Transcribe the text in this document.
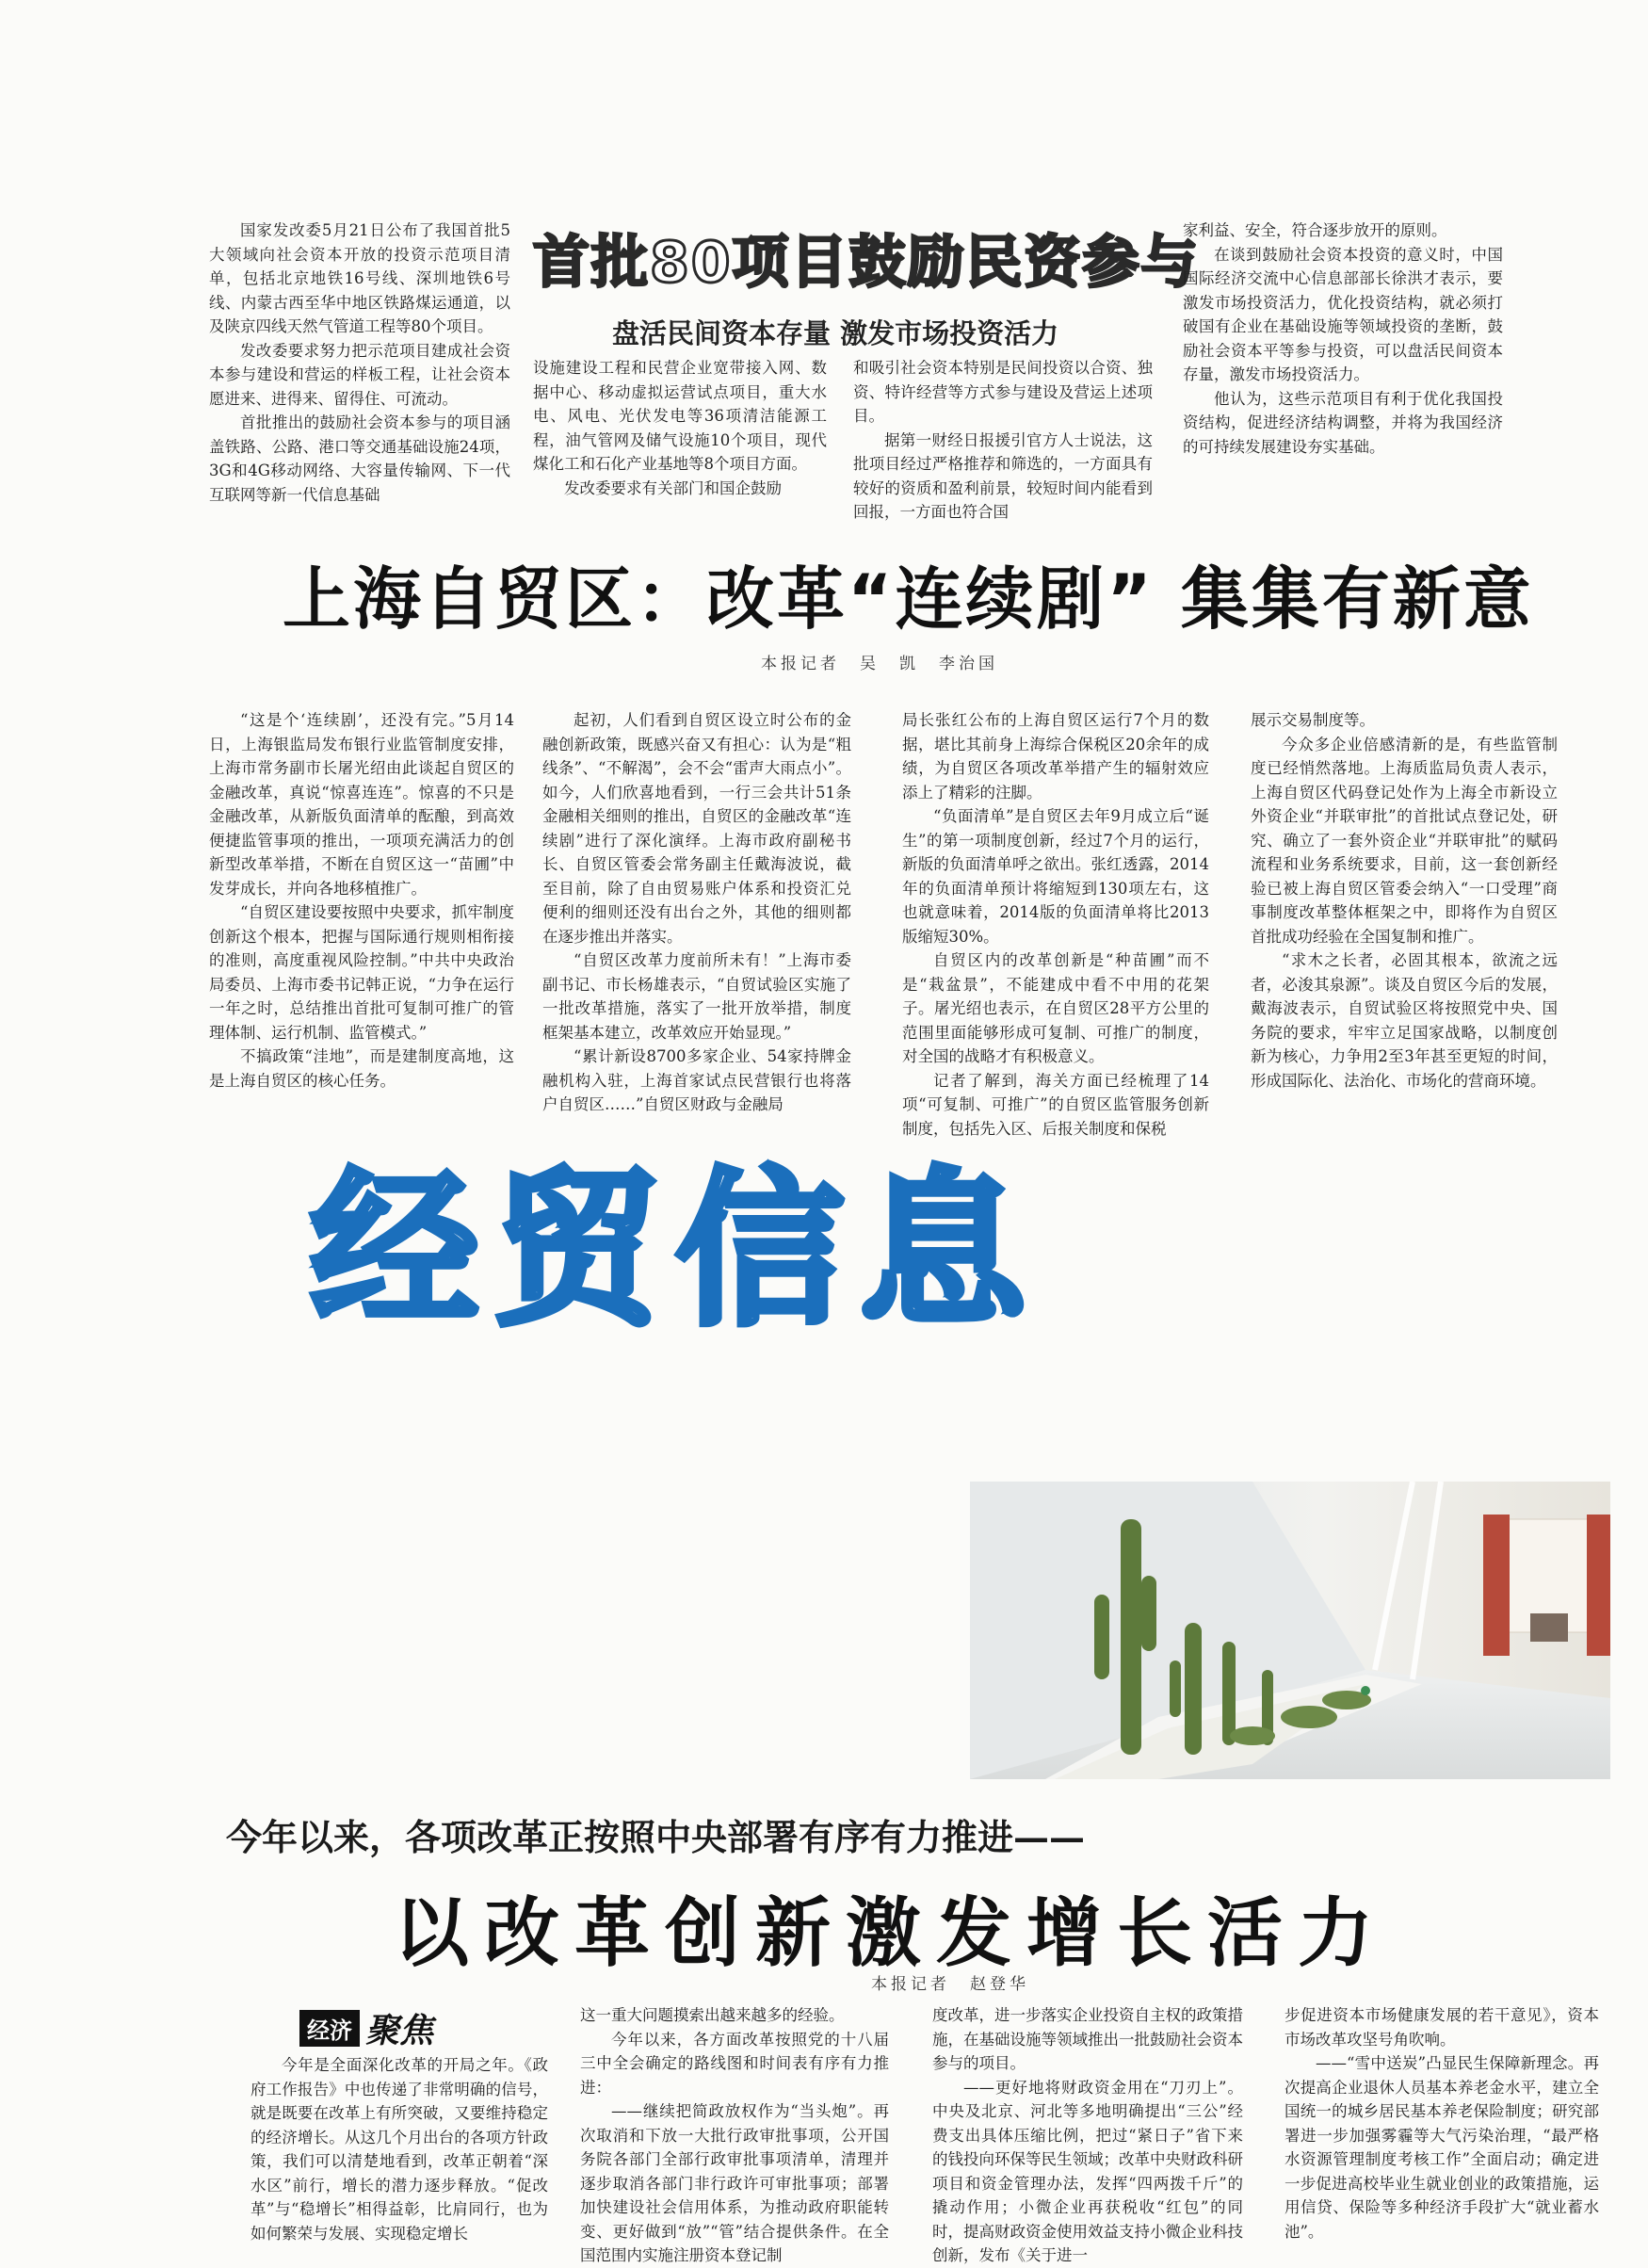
首批80项目鼓励民资参与
盘活民间资本存量 激发市场投资活力

国家发改委5月21日公布了我国首批5大领域向社会资本开放的投资示范项目清单，包括北京地铁16号线、深圳地铁6号线、内蒙古西至华中地区铁路煤运通道，以及陕京四线天然气管道工程等80个项目。

发改委要求努力把示范项目建成社会资本参与建设和营运的样板工程，让社会资本愿进来、进得来、留得住、可流动。

首批推出的鼓励社会资本参与的项目涵盖铁路、公路、港口等交通基础设施24项，3G和4G移动网络、大容量传输网、下一代互联网等新一代信息基础

设施建设工程和民营企业宽带接入网、数据中心、移动虚拟运营试点项目，重大水电、风电、光伏发电等36项清洁能源工程，油气管网及储气设施10个项目，现代煤化工和石化产业基地等8个项目方面。

发改委要求有关部门和国企鼓励

和吸引社会资本特别是民间投资以合资、独资、特许经营等方式参与建设及营运上述项目。

据第一财经日报援引官方人士说法，这批项目经过严格推荐和筛选的，一方面具有较好的资质和盈利前景，较短时间内能看到回报，一方面也符合国

家利益、安全，符合逐步放开的原则。

在谈到鼓励社会资本投资的意义时，中国国际经济交流中心信息部部长徐洪才表示，要激发市场投资活力，优化投资结构，就必须打破国有企业在基础设施等领域投资的垄断，鼓励社会资本平等参与投资，可以盘活民间资本存量，激发市场投资活力。

他认为，这些示范项目有利于优化我国投资结构，促进经济结构调整，并将为我国经济的可持续发展建设夯实基础。

上海自贸区：改革“连续剧” 集集有新意
本报记者　吴　凯　李治国

“这是个‘连续剧’，还没有完。”5月14日，上海银监局发布银行业监管制度安排，上海市常务副市长屠光绍由此谈起自贸区的金融改革，真说“惊喜连连”。惊喜的不只是金融改革，从新版负面清单的酝酿，到高效便捷监管事项的推出，一项项充满活力的创新型改革举措，不断在自贸区这一“苗圃”中发芽成长，并向各地移植推广。

“自贸区建设要按照中央要求，抓牢制度创新这个根本，把握与国际通行规则相衔接的准则，高度重视风险控制。”中共中央政治局委员、上海市委书记韩正说，“力争在运行一年之时，总结推出首批可复制可推广的管理体制、运行机制、监管模式。”

不搞政策“洼地”，而是建制度高地，这是上海自贸区的核心任务。

起初，人们看到自贸区设立时公布的金融创新政策，既感兴奋又有担心：认为是“粗线条”、“不解渴”，会不会“雷声大雨点小”。如今，人们欣喜地看到，一行三会共计51条金融相关细则的推出，自贸区的金融改革“连续剧”进行了深化演绎。上海市政府副秘书长、自贸区管委会常务副主任戴海波说，截至目前，除了自由贸易账户体系和投资汇兑便利的细则还没有出台之外，其他的细则都在逐步推出并落实。

“自贸区改革力度前所未有！”上海市委副书记、市长杨雄表示，“自贸试验区实施了一批改革措施，落实了一批开放举措，制度框架基本建立，改革效应开始显现。”

“累计新设8700多家企业、54家持牌金融机构入驻，上海首家试点民营银行也将落户自贸区……”自贸区财政与金融局

局长张红公布的上海自贸区运行7个月的数据，堪比其前身上海综合保税区20余年的成绩，为自贸区各项改革举措产生的辐射效应添上了精彩的注脚。

“负面清单”是自贸区去年9月成立后“诞生”的第一项制度创新，经过7个月的运行，新版的负面清单呼之欲出。张红透露，2014年的负面清单预计将缩短到130项左右，这也就意味着，2014版的负面清单将比2013版缩短30%。

自贸区内的改革创新是“种苗圃”而不是“栽盆景”，不能建成中看不中用的花架子。屠光绍也表示，在自贸区28平方公里的范围里面能够形成可复制、可推广的制度，对全国的战略才有积极意义。

记者了解到，海关方面已经梳理了14项“可复制、可推广”的自贸区监管服务创新制度，包括先入区、后报关制度和保税

展示交易制度等。

今众多企业倍感清新的是，有些监管制度已经悄然落地。上海质监局负责人表示，上海自贸区代码登记处作为上海全市新设立外资企业“并联审批”的首批试点登记处，研究、确立了一套外资企业“并联审批”的赋码流程和业务系统要求，目前，这一套创新经验已被上海自贸区管委会纳入“一口受理”商事制度改革整体框架之中，即将作为自贸区首批成功经验在全国复制和推广。

“求木之长者，必固其根本，欲流之远者，必浚其泉源”。谈及自贸区今后的发展，戴海波表示，自贸试验区将按照党中央、国务院的要求，牢牢立足国家战略，以制度创新为核心，力争用2至3年甚至更短的时间，形成国际化、法治化、市场化的营商环境。

经贸信息
今年以来，各项改革正按照中央部署有序有力推进——
以改革创新激发增长活力
本报记者　赵登华
经济 聚焦

今年是全面深化改革的开局之年。《政府工作报告》中也传递了非常明确的信号，就是既要在改革上有所突破，又要维持稳定的经济增长。从这几个月出台的各项方针政策，我们可以清楚地看到，改革正朝着“深水区”前行，增长的潜力逐步释放。“促改革”与“稳增长”相得益彰，比肩同行，也为如何繁荣与发展、实现稳定增长

这一重大问题摸索出越来越多的经验。

今年以来，各方面改革按照党的十八届三中全会确定的路线图和时间表有序有力推进：

——继续把简政放权作为“当头炮”。再次取消和下放一大批行政审批事项，公开国务院各部门全部行政审批事项清单，清理并逐步取消各部门非行政许可审批事项；部署加快建设社会信用体系，为推动政府职能转变、更好做到“放”“管”结合提供条件。在全国范围内实施注册资本登记制

度改革，进一步落实企业投资自主权的政策措施，在基础设施等领域推出一批鼓励社会资本参与的项目。

——更好地将财政资金用在“刀刃上”。中央及北京、河北等多地明确提出“三公”经费支出具体压缩比例，把过“紧日子”省下来的钱投向环保等民生领域；改革中央财政科研项目和资金管理办法，发挥“四两拨千斤”的撬动作用；小微企业再获税收“红包”的同时，提高财政资金使用效益支持小微企业科技创新，发布《关于进一

步促进资本市场健康发展的若干意见》，资本市场改革攻坚号角吹响。

——“雪中送炭”凸显民生保障新理念。再次提高企业退休人员基本养老金水平，建立全国统一的城乡居民基本养老保险制度；研究部署进一步加强雾霾等大气污染治理，“最严格水资源管理制度考核工作”全面启动；确定进一步促进高校毕业生就业创业的政策措施，运用信贷、保险等多种经济手段扩大“就业蓄水池”。
